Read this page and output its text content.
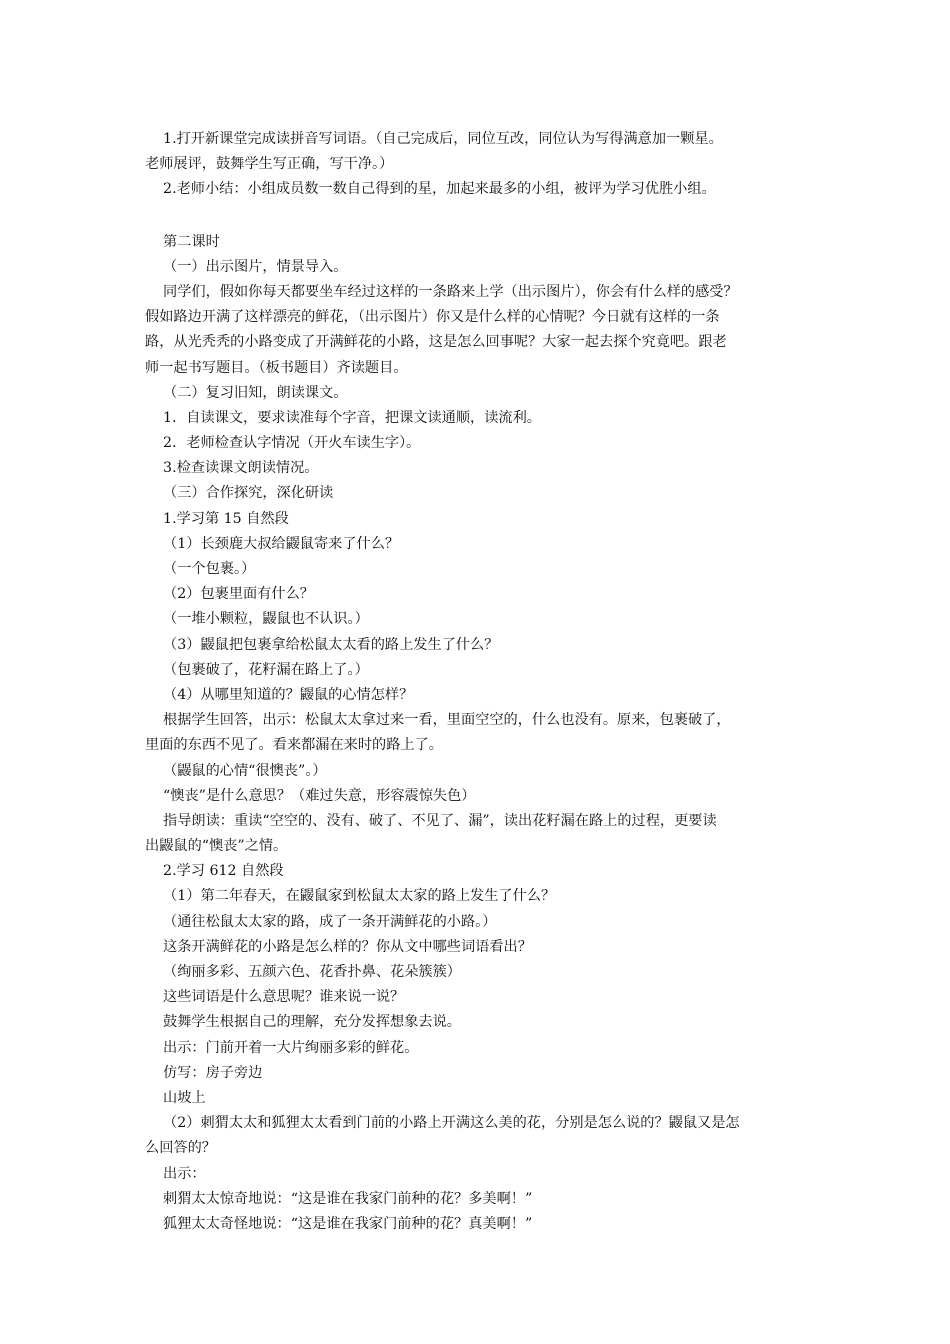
1.打开新课堂完成读拼音写词语。（自己完成后，同位互改，同位认为写得满意加一颗星。
老师展评，鼓舞学生写正确，写干净。）
2.老师小结：小组成员数一数自己得到的星，加起来最多的小组，被评为学习优胜小组。
第二课时
（一）出示图片，情景导入。
同学们，假如你每天都要坐车经过这样的一条路来上学（出示图片），你会有什么样的感受？
假如路边开满了这样漂亮的鲜花，（出示图片）你又是什么样的心情呢？今日就有这样的一条
路，从光秃秃的小路变成了开满鲜花的小路，这是怎么回事呢？大家一起去探个究竟吧。跟老
师一起书写题目。（板书题目）齐读题目。
（二）复习旧知，朗读课文。
1．自读课文，要求读准每个字音，把课文读通顺，读流利。
2．老师检查认字情况（开火车读生字）。
3.检查读课文朗读情况。
（三）合作探究，深化研读
1.学习第 15 自然段
（1）长颈鹿大叔给鼹鼠寄来了什么？
（一个包裹。）
（2）包裹里面有什么？
（一堆小颗粒，鼹鼠也不认识。）
（3）鼹鼠把包裹拿给松鼠太太看的路上发生了什么？
（包裹破了，花籽漏在路上了。）
（4）从哪里知道的？鼹鼠的心情怎样？
根据学生回答，出示：松鼠太太拿过来一看，里面空空的，什么也没有。原来，包裹破了，
里面的东西不见了。看来都漏在来时的路上了。
（鼹鼠的心情“很懊丧”。）
“懊丧”是什么意思？（难过失意，形容震惊失色）
指导朗读：重读“空空的、没有、破了、不见了、漏”，读出花籽漏在路上的过程，更要读
出鼹鼠的“懊丧”之情。
2.学习 612 自然段
（1）第二年春天，在鼹鼠家到松鼠太太家的路上发生了什么？
（通往松鼠太太家的路，成了一条开满鲜花的小路。）
这条开满鲜花的小路是怎么样的？你从文中哪些词语看出？
（绚丽多彩、五颜六色、花香扑鼻、花朵簇簇）
这些词语是什么意思呢？谁来说一说？
鼓舞学生根据自己的理解，充分发挥想象去说。
出示：门前开着一大片绚丽多彩的鲜花。
仿写：房子旁边
山坡上
（2）刺猬太太和狐狸太太看到门前的小路上开满这么美的花，分别是怎么说的？鼹鼠又是怎
么回答的？
出示：
刺猬太太惊奇地说：“这是谁在我家门前种的花？多美啊！”
狐狸太太奇怪地说：“这是谁在我家门前种的花？真美啊！”
